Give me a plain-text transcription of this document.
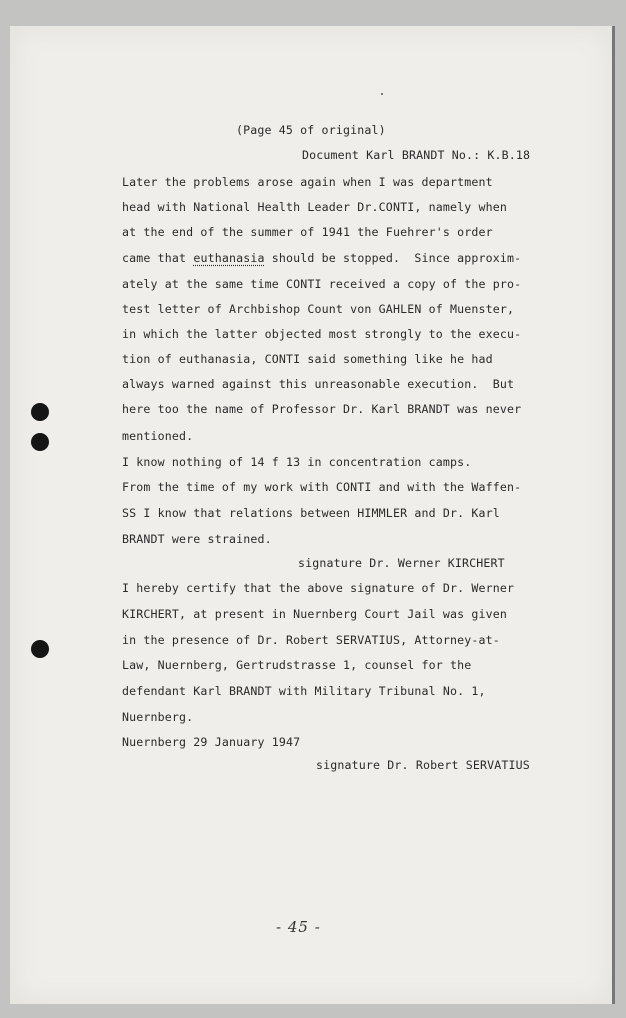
(Page 45 of original)
Document Karl BRANDT No.: K.B.18
Later the problems arose again when I was department
head with National Health Leader Dr.CONTI, namely when
at the end of the summer of 1941 the Fuehrer's order
came that euthanasia should be stopped.  Since approxim-
ately at the same time CONTI received a copy of the pro-
test letter of Archbishop Count von GAHLEN of Muenster,
in which the latter objected most strongly to the execu-
tion of euthanasia, CONTI said something like he had
always warned against this unreasonable execution.  But
here too the name of Professor Dr. Karl BRANDT was never
mentioned.
I know nothing of 14 f 13 in concentration camps.
From the time of my work with CONTI and with the Waffen-
SS I know that relations between HIMMLER and Dr. Karl
BRANDT were strained.
signature Dr. Werner KIRCHERT
I hereby certify that the above signature of Dr. Werner
KIRCHERT, at present in Nuernberg Court Jail was given
in the presence of Dr. Robert SERVATIUS, Attorney-at-
Law, Nuernberg, Gertrudstrasse 1, counsel for the
defendant Karl BRANDT with Military Tribunal No. 1,
Nuernberg.
Nuernberg 29 January 1947
signature Dr. Robert SERVATIUS
- 45 -
